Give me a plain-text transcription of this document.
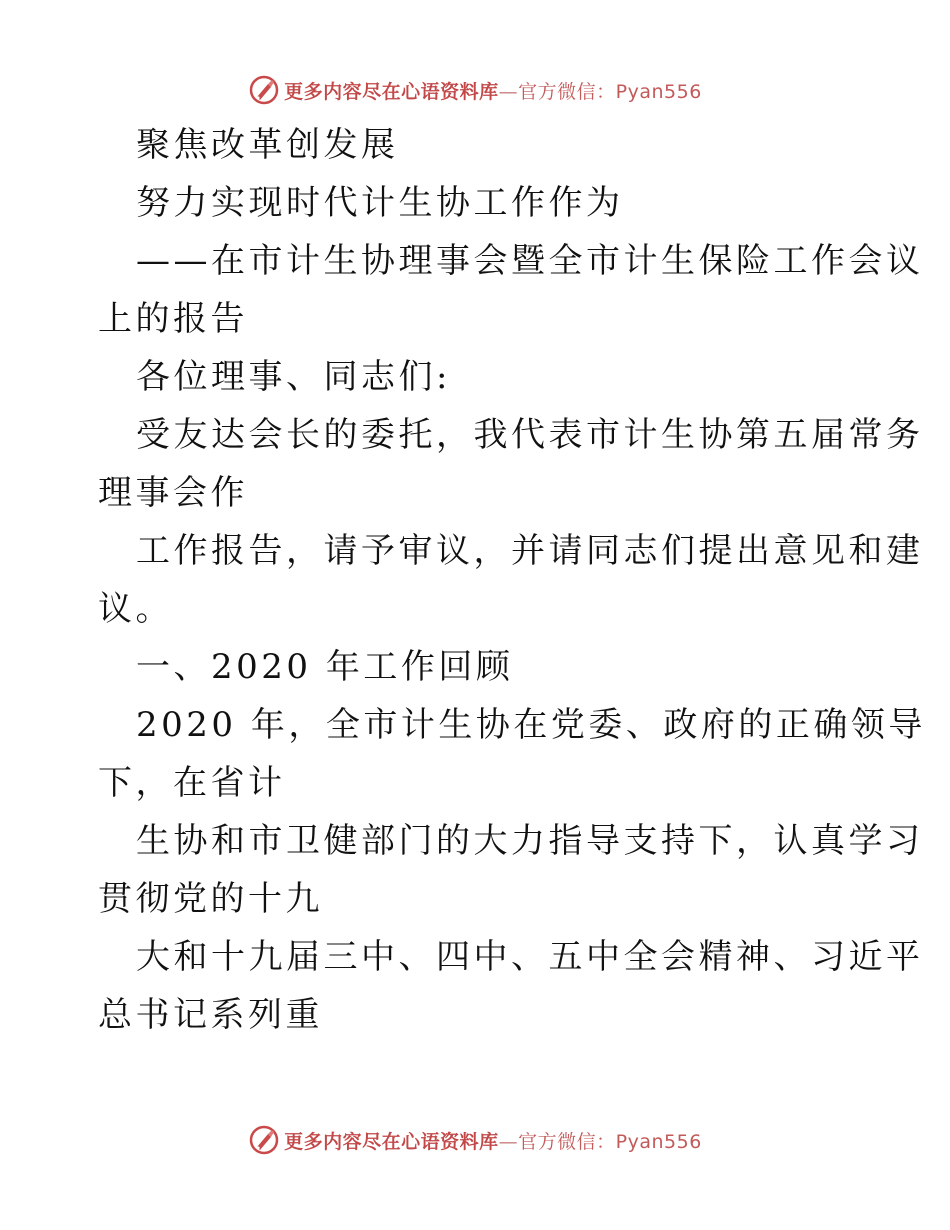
更多内容尽在心语资料库—官方微信：Pyan556
聚焦改革创发展
努力实现时代计生协工作作为
——在市计生协理事会暨全市计生保险工作会议
上的报告
各位理事、同志们:
受友达会长的委托，我代表市计生协第五届常务
理事会作
工作报告，请予审议，并请同志们提出意见和建
议。
一、2020 年工作回顾
2020 年，全市计生协在党委、政府的正确领导
下，在省计
生协和市卫健部门的大力指导支持下，认真学习
贯彻党的十九
大和十九届三中、四中、五中全会精神、习近平
总书记系列重
更多内容尽在心语资料库—官方微信：Pyan556
